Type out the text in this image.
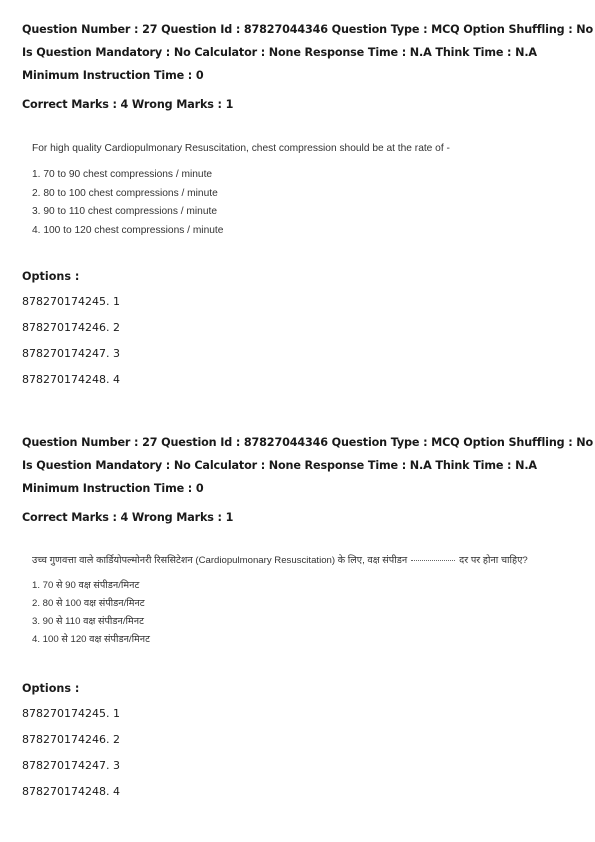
Question Number : 27 Question Id : 87827044346 Question Type : MCQ Option Shuffling : No
Is Question Mandatory : No Calculator : None Response Time : N.A Think Time : N.A
Minimum Instruction Time : 0
Correct Marks : 4 Wrong Marks : 1
For high quality Cardiopulmonary Resuscitation, chest compression should be at the rate of -
1. 70 to 90 chest compressions / minute
2. 80 to 100 chest compressions / minute
3. 90 to 110 chest compressions / minute
4. 100 to 120 chest compressions / minute
Options :
878270174245. 1
878270174246. 2
878270174247. 3
878270174248. 4
Question Number : 27 Question Id : 87827044346 Question Type : MCQ Option Shuffling : No
Is Question Mandatory : No Calculator : None Response Time : N.A Think Time : N.A
Minimum Instruction Time : 0
Correct Marks : 4 Wrong Marks : 1
उच्च गुणवत्ता वाले कार्डियोपल्मोनरी रिससिटेशन (Cardiopulmonary Resuscitation) के लिए, वक्ष संपीडन	दर पर होना चाहिए?
1. 70 से 90 वक्ष संपीडन/मिनट
2. 80 से 100 वक्ष संपीडन/मिनट
3. 90 से 110 वक्ष संपीडन/मिनट
4. 100 से 120 वक्ष संपीडन/मिनट
Options :
878270174245. 1
878270174246. 2
878270174247. 3
878270174248. 4
